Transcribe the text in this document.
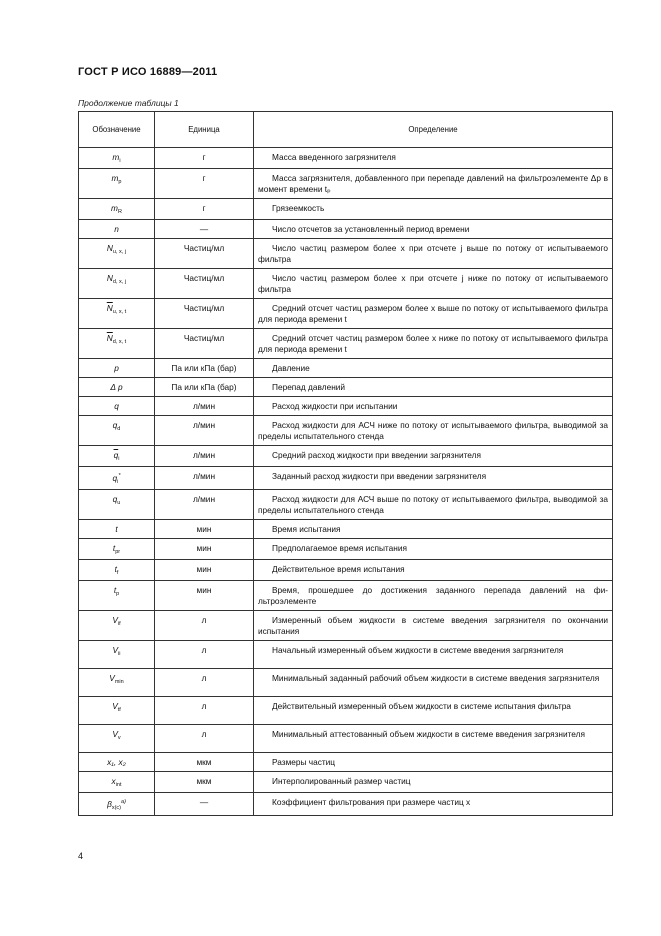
ГОСТ Р ИСО 16889—2011
Продолжение таблицы 1
Обозначение	Единица	Определение
$m_i$	г	Масса введенного загрязнителя
$m_p$	г	Масса загрязнителя, добавленного при перепаде давлений на фильтроэлементе Δp в момент времени tₚ
$m_R$	г	Грязеемкость
n	—	Число отсчетов за установленный период времени
$N_{u, x, j}$	Частиц/мл	Число частиц размером более x при отсчете j выше по потоку от испытываемого фильтра
$N_{d, x, j}$	Частиц/мл	Число частиц размером более x при отсчете j ниже по потоку от испытываемого фильтра
$\overline{N}_{u, x, t}$	Частиц/мл	Средний отсчет частиц размером более x выше по потоку от испытываемого фильтра для периода времени t
$\overline{N}_{d, x, t}$	Частиц/мл	Средний отсчет частиц размером более x ниже по потоку от испытываемого фильтра для периода времени t
p	Па или кПа (бар)	Давление
Δ p	Па или кПа (бар)	Перепад давлений
q	л/мин	Расход жидкости при испытании
$q_d$	л/мин	Расход жидкости для АСЧ ниже по потоку от испытываемого фильтра, выводимой за пределы испытательного стенда
$\overline{q}_i$	л/мин	Средний расход жидкости при введении загрязнителя
$q_i^*$	л/мин	Заданный расход жидкости при введении загрязнителя
$q_u$	л/мин	Расход жидкости для АСЧ выше по потоку от испытываемого фильтра, выводимой за пределы испытательного стенда
t	мин	Время испытания
$t_{pr}$	мин	Предполагаемое время испытания
$t_f$	мин	Действительное время испытания
$t_p$	мин	Время, прошедшее до достижения заданного перепада давлений на фильтроэлементе
$V_{if}$	л	Измеренный объем жидкости в системе введения загрязнителя по окончании испытания
$V_{ii}$	л	Начальный измеренный объем жидкости в системе введения загрязнителя
$V_{min}$	л	Минимальный заданный рабочий объем жидкости в системе введения загрязнителя
$V_{tf}$	л	Действительный измеренный объем жидкости в системе испытания фильтра
$V_v$	л	Минимальный аттестованный объем жидкости в системе введения загрязнителя
x₁, x₂	мкм	Размеры частиц
$x_{int}$	мкм	Интерполированный размер частиц
$\beta_{x(c)}^{a)}$	—	Коэффициент фильтрования при размере частиц x
4
